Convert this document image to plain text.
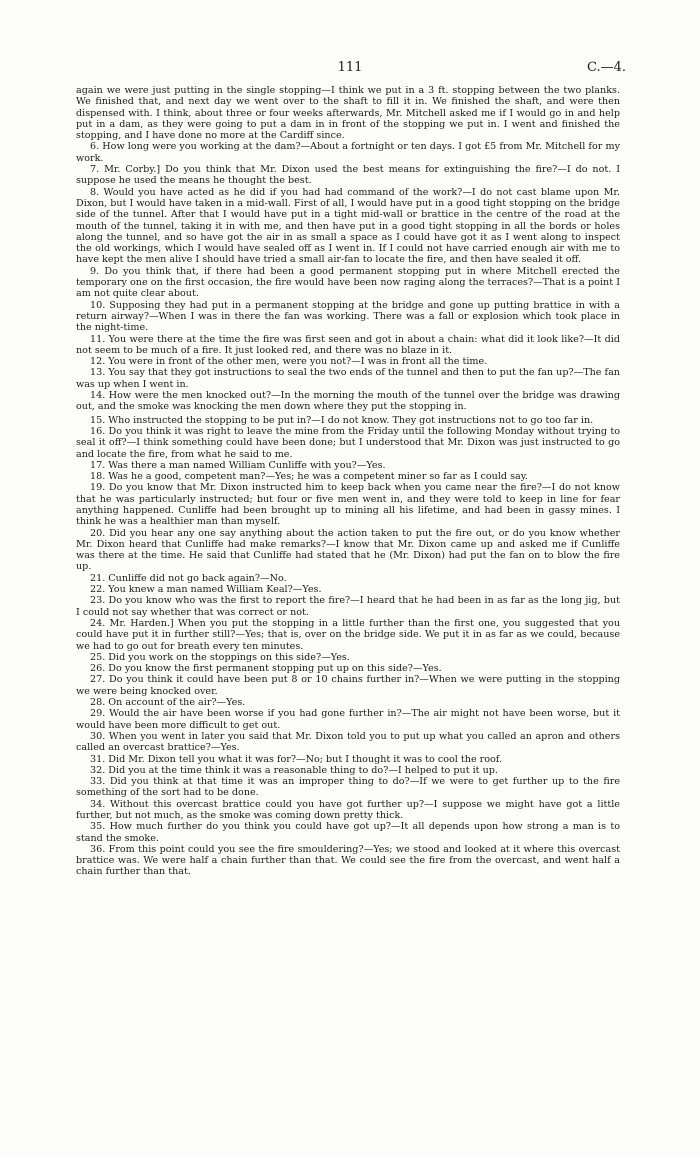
111	C.—4.

again we were just putting in the single stopping—I think we put in a 3 ft. stopping between the two planks. We finished that, and next day we went over to the shaft to fill it in. We finished the shaft, and were then dispensed with. I think, about three or four weeks afterwards, Mr. Mitchell asked me if I would go in and help put in a dam, as they were going to put a dam in in front of the stopping we put in. I went and finished the stopping, and I have done no more at the Cardiff since.

6. How long were you working at the dam?—About a fortnight or ten days. I got £5 from Mr. Mitchell for my work.

7. Mr. Corby.] Do you think that Mr. Dixon used the best means for extinguishing the fire?—I do not. I suppose he used the means he thought the best.

8. Would you have acted as he did if you had had command of the work?—I do not cast blame upon Mr. Dixon, but I would have taken in a mid-wall. First of all, I would have put in a good tight stopping on the bridge side of the tunnel. After that I would have put in a tight mid-wall or brattice in the centre of the road at the mouth of the tunnel, taking it in with me, and then have put in a good tight stopping in all the bords or holes along the tunnel, and so have got the air in as small a space as I could have got it as I went along to inspect the old workings, which I would have sealed off as I went in. If I could not have carried enough air with me to have kept the men alive I should have tried a small air-fan to locate the fire, and then have sealed it off.

9. Do you think that, if there had been a good permanent stopping put in where Mitchell erected the temporary one on the first occasion, the fire would have been now raging along the terraces?—That is a point I am not quite clear about.

10. Supposing they had put in a permanent stopping at the bridge and gone up putting brattice in with a return airway?—When I was in there the fan was working. There was a fall or explosion which took place in the night-time.

11. You were there at the time the fire was first seen and got in about a chain: what did it look like?—It did not seem to be much of a fire. It just looked red, and there was no blaze in it.

12. You were in front of the other men, were you not?—I was in front all the time.

13. You say that they got instructions to seal the two ends of the tunnel and then to put the fan up?—The fan was up when I went in.

14. How were the men knocked out?—In the morning the mouth of the tunnel over the bridge was drawing out, and the smoke was knocking the men down where they put the stopping in.

15. Who instructed the stopping to be put in?—I do not know. They got instructions not to go too far in.

16. Do you think it was right to leave the mine from the Friday until the following Monday without trying to seal it off?—I think something could have been done; but I understood that Mr. Dixon was just instructed to go and locate the fire, from what he said to me.

17. Was there a man named William Cunliffe with you?—Yes.

18. Was he a good, competent man?—Yes; he was a competent miner so far as I could say.

19. Do you know that Mr. Dixon instructed him to keep back when you came near the fire?—I do not know that he was particularly instructed; but four or five men went in, and they were told to keep in line for fear anything happened. Cunliffe had been brought up to mining all his lifetime, and had been in gassy mines. I think he was a healthier man than myself.

20. Did you hear any one say anything about the action taken to put the fire out, or do you know whether Mr. Dixon heard that Cunliffe had make remarks?—I know that Mr. Dixon came up and asked me if Cunliffe was there at the time. He said that Cunliffe had stated that he (Mr. Dixon) had put the fan on to blow the fire up.

21. Cunliffe did not go back again?—No.

22. You knew a man named William Keal?—Yes.

23. Do you know who was the first to report the fire?—I heard that he had been in as far as the long jig, but I could not say whether that was correct or not.

24. Mr. Harden.] When you put the stopping in a little further than the first one, you suggested that you could have put it in further still?—Yes; that is, over on the bridge side. We put it in as far as we could, because we had to go out for breath every ten minutes.

25. Did you work on the stoppings on this side?—Yes.

26. Do you know the first permanent stopping put up on this side?—Yes.

27. Do you think it could have been put 8 or 10 chains further in?—When we were putting in the stopping we were being knocked over.

28. On account of the air?—Yes.

29. Would the air have been worse if you had gone further in?—The air might not have been worse, but it would have been more difficult to get out.

30. When you went in later you said that Mr. Dixon told you to put up what you called an apron and others called an overcast brattice?—Yes.

31. Did Mr. Dixon tell you what it was for?—No; but I thought it was to cool the roof.

32. Did you at the time think it was a reasonable thing to do?—I helped to put it up.

33. Did you think at that time it was an improper thing to do?—If we were to get further up to the fire something of the sort had to be done.

34. Without this overcast brattice could you have got further up?—I suppose we might have got a little further, but not much, as the smoke was coming down pretty thick.

35. How much further do you think you could have got up?—It all depends upon how strong a man is to stand the smoke.

36. From this point could you see the fire smouldering?—Yes; we stood and looked at it where this overcast brattice was. We were half a chain further than that. We could see the fire from the overcast, and went half a chain further than that.
